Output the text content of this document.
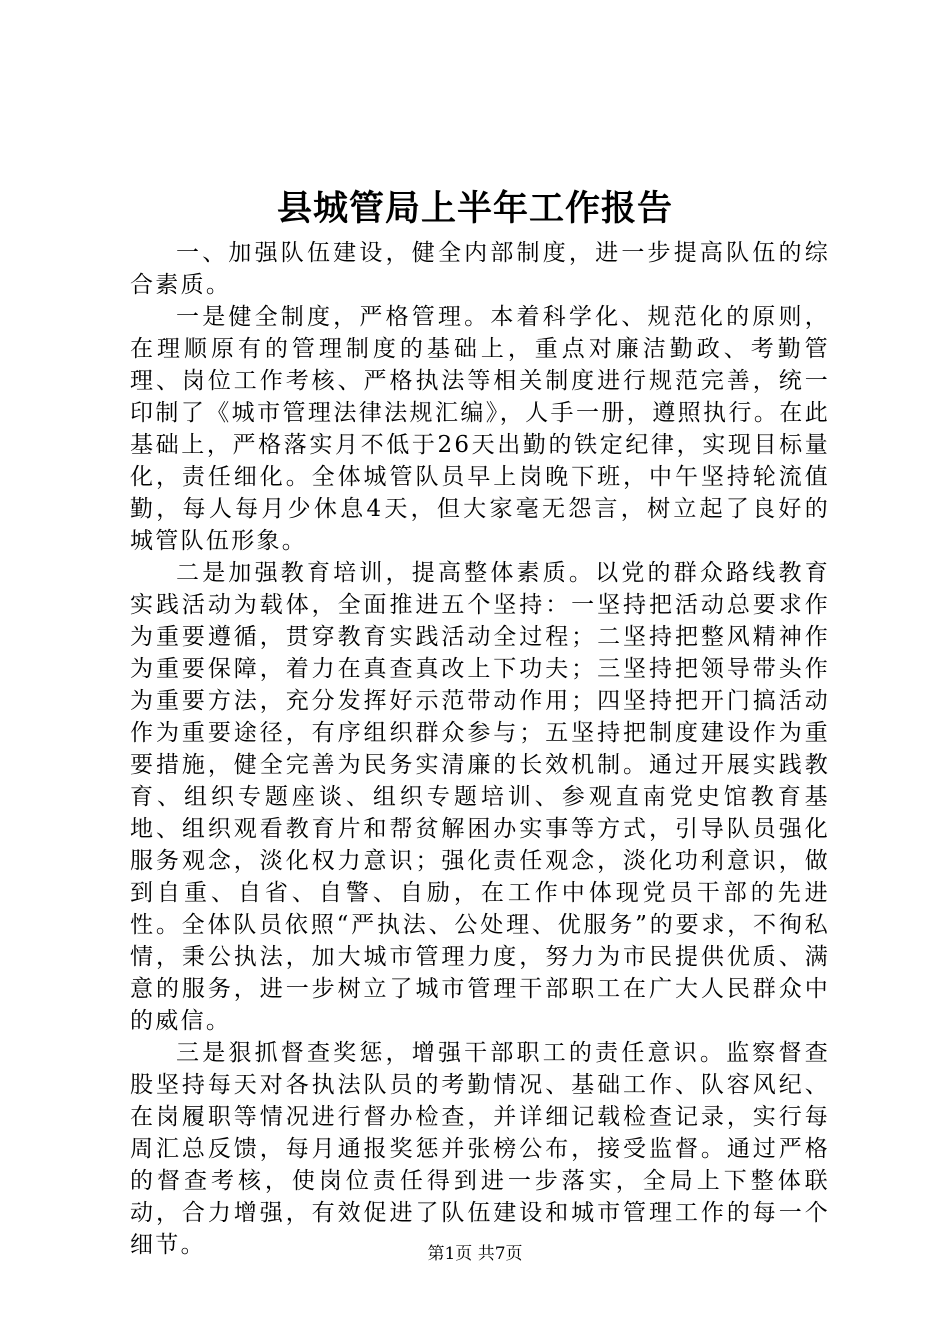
县城管局上半年工作报告

一、加强队伍建设，健全内部制度，进一步提高队伍的综合素质。

一是健全制度，严格管理。本着科学化、规范化的原则，在理顺原有的管理制度的基础上，重点对廉洁勤政、考勤管理、岗位工作考核、严格执法等相关制度进行规范完善，统一印制了《城市管理法律法规汇编》，人手一册，遵照执行。在此基础上，严格落实月不低于26天出勤的铁定纪律，实现目标量化，责任细化。全体城管队员早上岗晚下班，中午坚持轮流值勤，每人每月少休息4天，但大家毫无怨言，树立起了良好的城管队伍形象。

二是加强教育培训，提高整体素质。以党的群众路线教育实践活动为载体，全面推进五个坚持：一坚持把活动总要求作为重要遵循，贯穿教育实践活动全过程；二坚持把整风精神作为重要保障，着力在真查真改上下功夫；三坚持把领导带头作为重要方法，充分发挥好示范带动作用；四坚持把开门搞活动作为重要途径，有序组织群众参与；五坚持把制度建设作为重要措施，健全完善为民务实清廉的长效机制。通过开展实践教育、组织专题座谈、组织专题培训、参观直南党史馆教育基地、组织观看教育片和帮贫解困办实事等方式，引导队员强化服务观念，淡化权力意识；强化责任观念，淡化功利意识，做到自重、自省、自警、自励，在工作中体现党员干部的先进性。全体队员依照“严执法、公处理、优服务”的要求，不徇私情，秉公执法，加大城市管理力度，努力为市民提供优质、满意的服务，进一步树立了城市管理干部职工在广大人民群众中的威信。

三是狠抓督查奖惩，增强干部职工的责任意识。监察督查股坚持每天对各执法队员的考勤情况、基础工作、队容风纪、在岗履职等情况进行督办检查，并详细记载检查记录，实行每周汇总反馈，每月通报奖惩并张榜公布，接受监督。通过严格的督查考核，使岗位责任得到进一步落实，全局上下整体联动，合力增强，有效促进了队伍建设和城市管理工作的每一个细节。	第1页 共7页
